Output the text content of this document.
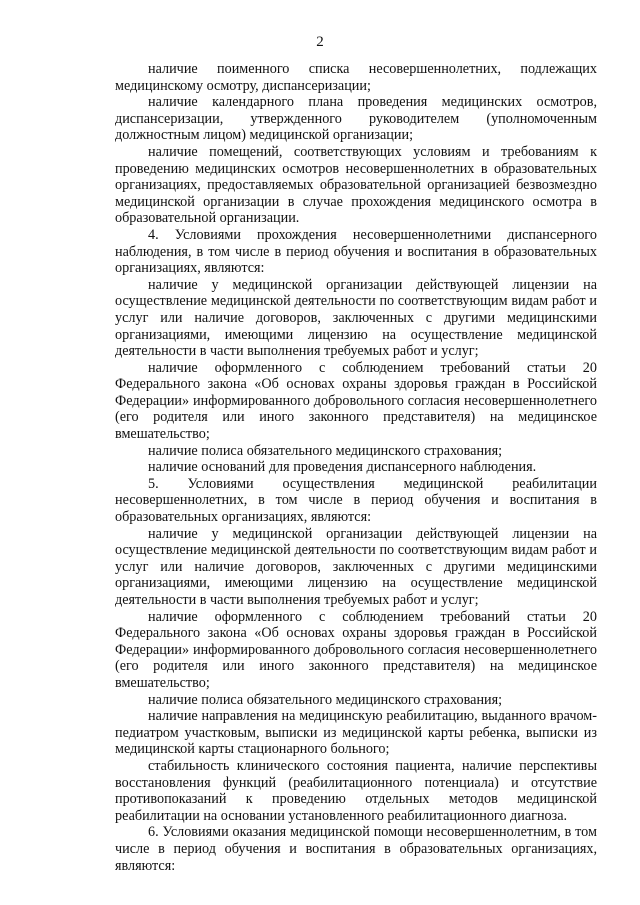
2

наличие поименного списка несовершеннолетних, подлежащих медицинскому осмотру, диспансеризации;

наличие календарного плана проведения медицинских осмотров, диспансеризации, утвержденного руководителем (уполномоченным должностным лицом) медицинской организации;

наличие помещений, соответствующих условиям и требованиям к проведению медицинских осмотров несовершеннолетних в образовательных организациях, предоставляемых образовательной организацией безвозмездно медицинской организации в случае прохождения медицинского осмотра в образовательной организации.

4. Условиями прохождения несовершеннолетними диспансерного наблюдения, в том числе в период обучения и воспитания в образовательных организациях, являются:

наличие у медицинской организации действующей лицензии на осуществление медицинской деятельности по соответствующим видам работ и услуг или наличие договоров, заключенных с другими медицинскими организациями, имеющими лицензию на осуществление медицинской деятельности в части выполнения требуемых работ и услуг;

наличие оформленного с соблюдением требований статьи 20 Федерального закона «Об основах охраны здоровья граждан в Российской Федерации» информированного добровольного согласия несовершеннолетнего (его родителя или иного законного представителя) на медицинское вмешательство;

наличие полиса обязательного медицинского страхования;

наличие оснований для проведения диспансерного наблюдения.

5. Условиями осуществления медицинской реабилитации несовершеннолетних, в том числе в период обучения и воспитания в образовательных организациях, являются:

наличие у медицинской организации действующей лицензии на осуществление медицинской деятельности по соответствующим видам работ и услуг или наличие договоров, заключенных с другими медицинскими организациями, имеющими лицензию на осуществление медицинской деятельности в части выполнения требуемых работ и услуг;

наличие оформленного с соблюдением требований статьи 20 Федерального закона «Об основах охраны здоровья граждан в Российской Федерации» информированного добровольного согласия несовершеннолетнего (его родителя или иного законного представителя) на медицинское вмешательство;

наличие полиса обязательного медицинского страхования;

наличие направления на медицинскую реабилитацию, выданного врачом-педиатром участковым, выписки из медицинской карты ребенка, выписки из медицинской карты стационарного больного;

стабильность клинического состояния пациента, наличие перспективы восстановления функций (реабилитационного потенциала) и отсутствие противопоказаний к проведению отдельных методов медицинской реабилитации на основании установленного реабилитационного диагноза.

6. Условиями оказания медицинской помощи несовершеннолетним, в том числе в период обучения и воспитания в образовательных организациях, являются:
